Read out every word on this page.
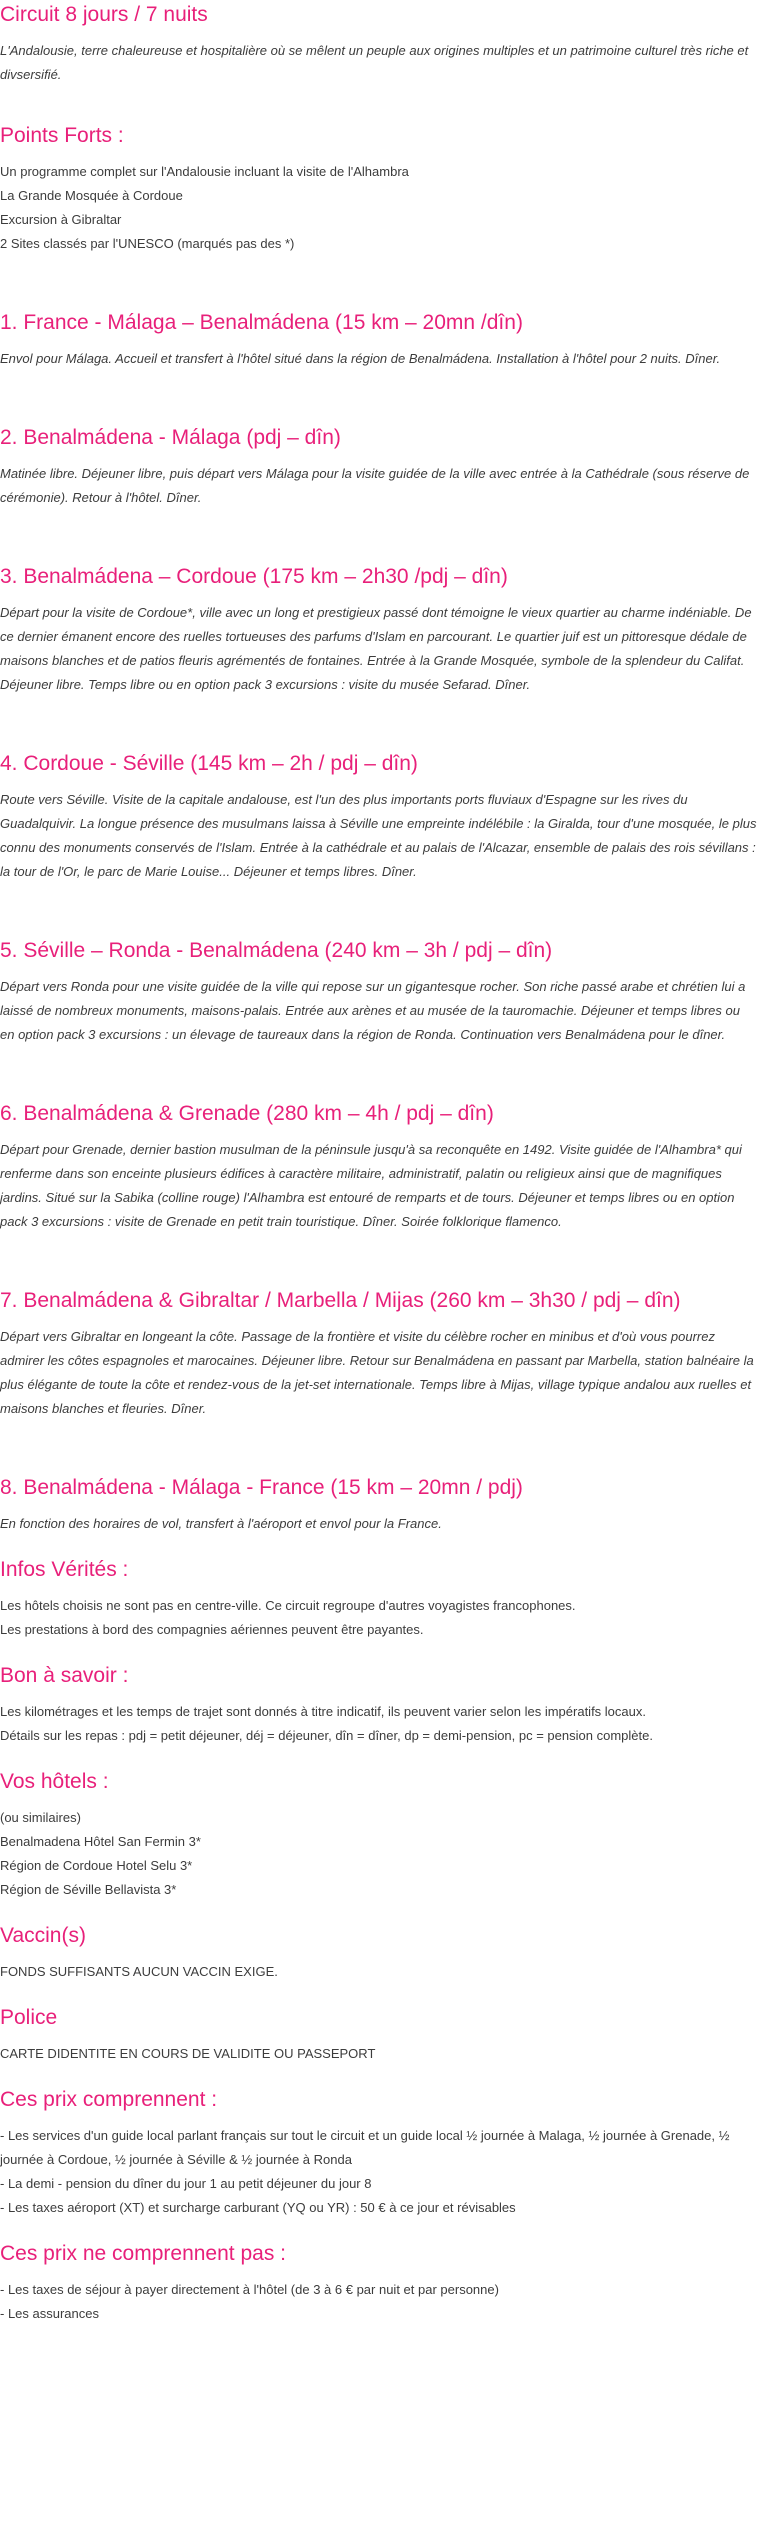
Circuit 8 jours / 7 nuits

L'Andalousie, terre chaleureuse et hospitalière où se mêlent un peuple aux origines multiples et un patrimoine culturel très riche et divsersifié.

Points Forts :
Un programme complet sur l'Andalousie incluant la visite de l'Alhambra
La Grande Mosquée à Cordoue
Excursion à Gibraltar
2 Sites classés par l'UNESCO (marqués pas des *)
1. France - Málaga – Benalmádena (15 km – 20mn /dîn)

Envol pour Málaga. Accueil et transfert à l'hôtel situé dans la région de Benalmádena. Installation à l'hôtel pour 2 nuits. Dîner.

2. Benalmádena - Málaga (pdj – dîn)

Matinée libre. Déjeuner libre, puis départ vers Málaga pour la visite guidée de la ville avec entrée à la Cathédrale (sous réserve de cérémonie). Retour à l'hôtel. Dîner.

3. Benalmádena – Cordoue (175 km – 2h30 /pdj – dîn)

Départ pour la visite de Cordoue*, ville avec un long et prestigieux passé dont témoigne le vieux quartier au charme indéniable. De ce dernier émanent encore des ruelles tortueuses des parfums d'Islam en parcourant. Le quartier juif est un pittoresque dédale de maisons blanches et de patios fleuris agrémentés de fontaines. Entrée à la Grande Mosquée, symbole de la splendeur du Califat. Déjeuner libre. Temps libre ou en option pack 3 excursions : visite du musée Sefarad. Dîner.

4. Cordoue - Séville (145 km – 2h / pdj – dîn)

Route vers Séville. Visite de la capitale andalouse, est l'un des plus importants ports fluviaux d'Espagne sur les rives du Guadalquivir. La longue présence des musulmans laissa à Séville une empreinte indélébile : la Giralda, tour d'une mosquée, le plus connu des monuments conservés de l'Islam. Entrée à la cathédrale et au palais de l'Alcazar, ensemble de palais des rois sévillans : la tour de l'Or, le parc de Marie Louise... Déjeuner et temps libres. Dîner.

5. Séville – Ronda - Benalmádena (240 km – 3h / pdj – dîn)

Départ vers Ronda pour une visite guidée de la ville qui repose sur un gigantesque rocher. Son riche passé arabe et chrétien lui a laissé de nombreux monuments, maisons-palais. Entrée aux arènes et au musée de la tauromachie. Déjeuner et temps libres ou en option pack 3 excursions : un élevage de taureaux dans la région de Ronda. Continuation vers Benalmádena pour le dîner.

6. Benalmádena & Grenade (280 km – 4h / pdj – dîn)

Départ pour Grenade, dernier bastion musulman de la péninsule jusqu'à sa reconquête en 1492. Visite guidée de l'Alhambra* qui renferme dans son enceinte plusieurs édifices à caractère militaire, administratif, palatin ou religieux ainsi que de magnifiques jardins. Situé sur la Sabika (colline rouge) l'Alhambra est entouré de remparts et de tours. Déjeuner et temps libres ou en option pack 3 excursions : visite de Grenade en petit train touristique. Dîner. Soirée folklorique flamenco.

7. Benalmádena & Gibraltar / Marbella / Mijas (260 km – 3h30 / pdj – dîn)

Départ vers Gibraltar en longeant la côte. Passage de la frontière et visite du célèbre rocher en minibus et d'où vous pourrez admirer les côtes espagnoles et marocaines. Déjeuner libre. Retour sur Benalmádena en passant par Marbella, station balnéaire la plus élégante de toute la côte et rendez-vous de la jet-set internationale. Temps libre à Mijas, village typique andalou aux ruelles et maisons blanches et fleuries. Dîner.

8. Benalmádena - Málaga - France (15 km – 20mn / pdj)

En fonction des horaires de vol, transfert à l'aéroport et envol pour la France.

Infos Vérités :
Les hôtels choisis ne sont pas en centre-ville. Ce circuit regroupe d'autres voyagistes francophones.
Les prestations à bord des compagnies aériennes peuvent être payantes.
Bon à savoir :
Les kilométrages et les temps de trajet sont donnés à titre indicatif, ils peuvent varier selon les impératifs locaux.
Détails sur les repas : pdj = petit déjeuner, déj = déjeuner, dîn = dîner, dp = demi-pension, pc = pension complète.
Vos hôtels :
(ou similaires)
Benalmadena Hôtel San Fermin 3*
Région de Cordoue Hotel Selu 3*
Région de Séville Bellavista 3*
Vaccin(s)

FONDS SUFFISANTS AUCUN VACCIN EXIGE.

Police

CARTE DIDENTITE EN COURS DE VALIDITE OU PASSEPORT

Ces prix comprennent :
- Les services d'un guide local parlant français sur tout le circuit et un guide local ½ journée à Malaga, ½ journée à Grenade, ½ journée à Cordoue, ½ journée à Séville & ½ journée à Ronda
- La demi - pension du dîner du jour 1 au petit déjeuner du jour 8
- Les taxes aéroport (XT) et surcharge carburant (YQ ou YR) : 50 € à ce jour et révisables
Ces prix ne comprennent pas :
- Les taxes de séjour à payer directement à l'hôtel (de 3 à 6 € par nuit et par personne)
- Les assurances
